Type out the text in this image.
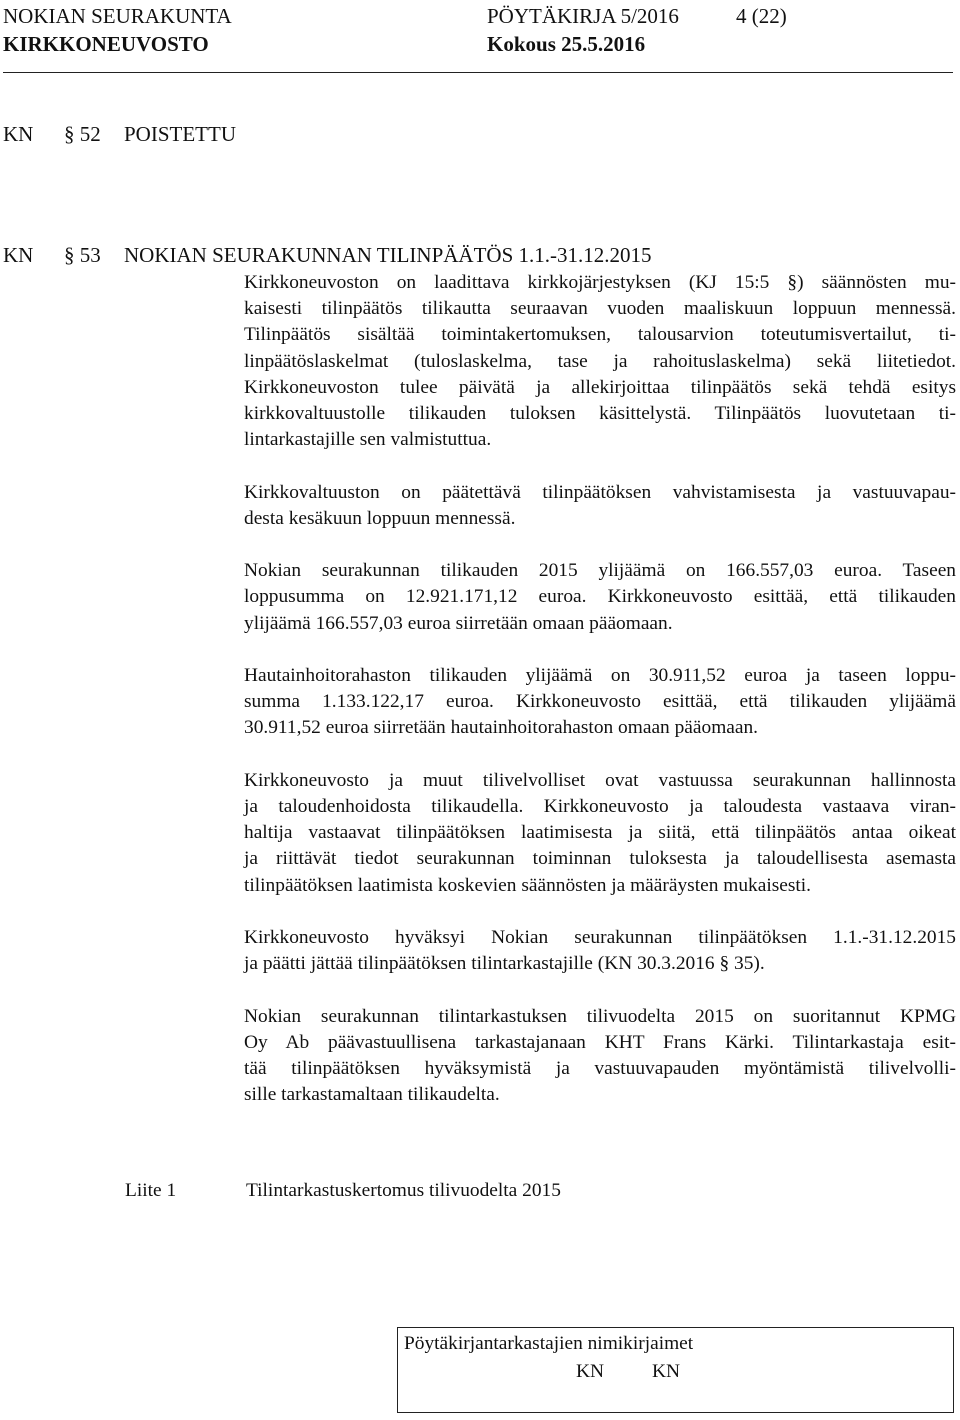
NOKIAN SEURAKUNTA	PÖYTÄKIRJA 5/2016	4 (22)
KIRKKONEUVOSTO	Kokous 25.5.2016
KN § 52 POISTETTU
KN § 53 NOKIAN SEURAKUNNAN TILINPÄÄTÖS 1.1.-31.12.2015

Kirkkoneuvoston on laadittava kirkkojärjestyksen (KJ 15:5 §) säännösten mu-
kaisesti tilinpäätös tilikautta seuraavan vuoden maaliskuun loppuun mennessä.
Tilinpäätös sisältää toimintakertomuksen, talousarvion toteutumisvertailut, ti-
linpäätöslaskelmat (tuloslaskelma, tase ja rahoituslaskelma) sekä liitetiedot.
Kirkkoneuvoston tulee päivätä ja allekirjoittaa tilinpäätös sekä tehdä esitys
kirkkovaltuustolle tilikauden tuloksen käsittelystä. Tilinpäätös luovutetaan ti-
lintarkastajille sen valmistuttua.

Kirkkovaltuuston on päätettävä tilinpäätöksen vahvistamisesta ja vastuuvapau-
desta kesäkuun loppuun mennessä.

Nokian seurakunnan tilikauden 2015 ylijäämä on 166.557,03 euroa. Taseen
loppusumma on 12.921.171,12 euroa. Kirkkoneuvosto esittää, että tilikauden
ylijäämä 166.557,03 euroa siirretään omaan pääomaan.

Hautainhoitorahaston tilikauden ylijäämä on 30.911,52 euroa ja taseen loppu-
summa 1.133.122,17 euroa. Kirkkoneuvosto esittää, että tilikauden ylijäämä
30.911,52 euroa siirretään hautainhoitorahaston omaan pääomaan.

Kirkkoneuvosto ja muut tilivelvolliset ovat vastuussa seurakunnan hallinnosta
ja taloudenhoidosta tilikaudella. Kirkkoneuvosto ja taloudesta vastaava viran-
haltija vastaavat tilinpäätöksen laatimisesta ja siitä, että tilinpäätös antaa oikeat
ja riittävät tiedot seurakunnan toiminnan tuloksesta ja taloudellisesta asemasta
tilinpäätöksen laatimista koskevien säännösten ja määräysten mukaisesti.

Kirkkoneuvosto hyväksyi Nokian seurakunnan tilinpäätöksen 1.1.-31.12.2015
ja päätti jättää tilinpäätöksen tilintarkastajille (KN 30.3.2016 § 35).

Nokian seurakunnan tilintarkastuksen tilivuodelta 2015 on suoritannut KPMG
Oy Ab päävastuullisena tarkastajanaan KHT Frans Kärki. Tilintarkastaja esit-
tää tilinpäätöksen hyväksymistä ja vastuuvapauden myöntämistä tilivelvolli-
sille tarkastamaltaan tilikaudelta.

Liite 1	Tilintarkastuskertomus tilivuodelta 2015
Pöytäkirjantarkastajien nimikirjaimet
KN KN
